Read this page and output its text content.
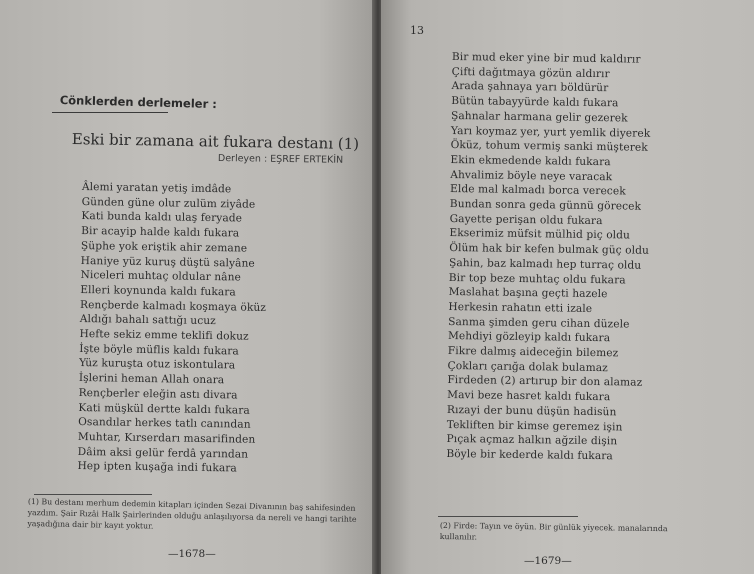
Cönklerden derlemeler :
Eski bir zamana ait fukara destanı (1)
Derleyen : EŞREF ERTEKİN
Âlemi yaratan yetiş imdâde
Günden güne olur zulüm ziyâde
Kati bunda kaldı ulaş feryade
Bir acayip halde kaldı fukara
Şüphe yok eriştik ahir zemane
Haniye yüz kuruş düştü salyâne
Niceleri muhtaç oldular nâne
Elleri koynunda kaldı fukara
Rençberde kalmadı koşmaya öküz
Aldığı bahalı sattığı ucuz
Hefte sekiz emme teklifi dokuz
İşte böyle müflis kaldı fukara
Yüz kuruşta otuz iskontulara
İşlerini heman Allah onara
Rençberler eleğin astı divara
Kati müşkül dertte kaldı fukara
Osandılar herkes tatlı canından
Muhtar, Kırserdarı masarifinden
Dâim aksi gelür ferdâ yarından
Hep ipten kuşağa indi fukara
(1) Bu destanı merhum dedemin kitapları içinden Sezai Divanının baş sahifesinden yazdım. Şair Rızâi Halk Şairlerinden olduğu anlaşılıyorsa da nereli ve hangi tarihte yaşadığına dair bir kayıt yoktur.
—1678—
13
Bir mud eker yine bir mud kaldırır
Çifti dağıtmaya gözün aldırır
Arada şahnaya yarı böldürür
Bütün tabayyürde kaldı fukara
Şahnalar harmana gelir gezerek
Yarı koymaz yer, yurt yemlik diyerek
Öküz, tohum vermiş sanki müşterek
Ekin ekmedende kaldı fukara
Ahvalimiz böyle neye varacak
Elde mal kalmadı borca verecek
Bundan sonra geda günnü görecek
Gayette perişan oldu fukara
Ekserimiz müfsit mülhid piç oldu
Ölüm hak bir kefen bulmak güç oldu
Şahin, baz kalmadı hep turraç oldu
Bir top beze muhtaç oldu fukara
Maslahat başına geçti hazele
Herkesin rahatın etti izale
Sanma şimden geru cihan düzele
Mehdiyi gözleyip kaldı fukara
Fikre dalmış aideceğin bilemez
Çokları çarığa dolak bulamaz
Firdeden (2) artırup bir don alamaz
Mavi beze hasret kaldı fukara
Rızayi der bunu düşün hadisün
Tekliften bir kimse geremez işin
Pıçak açmaz halkın ağzile dişin
Böyle bir kederde kaldı fukara
(2) Firde: Tayın ve öyün. Bir günlük yiyecek. manalarında kullanılır.
—1679—
